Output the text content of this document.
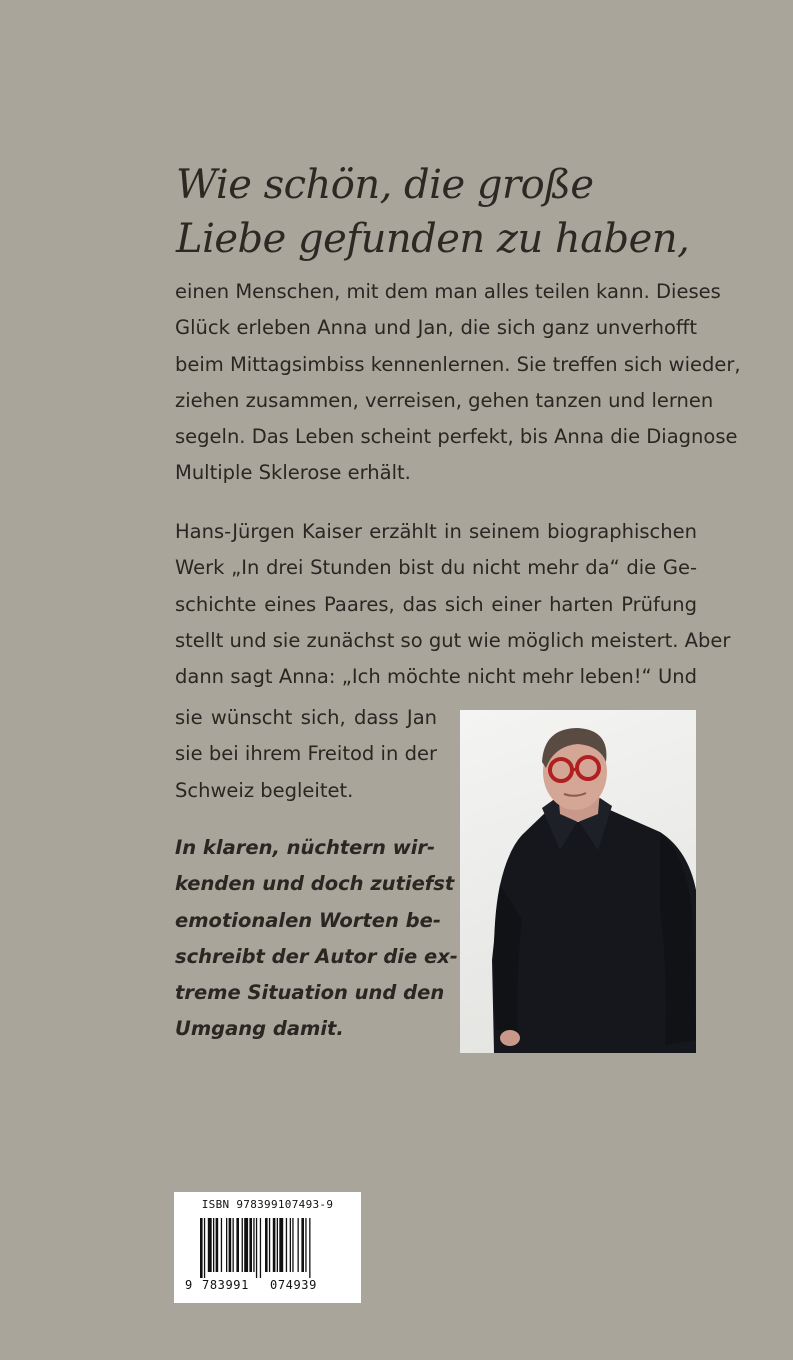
Wie schön, die große
Liebe gefunden zu haben,

einen Menschen, mit dem man alles teilen kann. Dieses
Glück erleben Anna und Jan, die sich ganz unverhofft
beim Mittagsimbiss kennenlernen. Sie treffen sich wieder,
ziehen zusammen, verreisen, gehen tanzen und lernen
segeln. Das Leben scheint perfekt, bis Anna die Diagnose
Multiple Sklerose erhält.

Hans-Jürgen Kaiser erzählt in seinem biographischen
Werk „In drei Stunden bist du nicht mehr da“ die Ge-
schichte eines Paares, das sich einer harten Prüfung
stellt und sie zunächst so gut wie möglich meistert. Aber
dann sagt Anna: „Ich möchte nicht mehr leben!“ Und

sie wünscht sich, dass Jan
sie bei ihrem Freitod in der
Schweiz begleitet.

In klaren, nüchtern wir-
kenden und doch zutiefst
emotionalen Worten be-
schreibt der Autor die ex-
treme Situation und den
Umgang damit.

ISBN 978399107493-9
9 783991 074939
